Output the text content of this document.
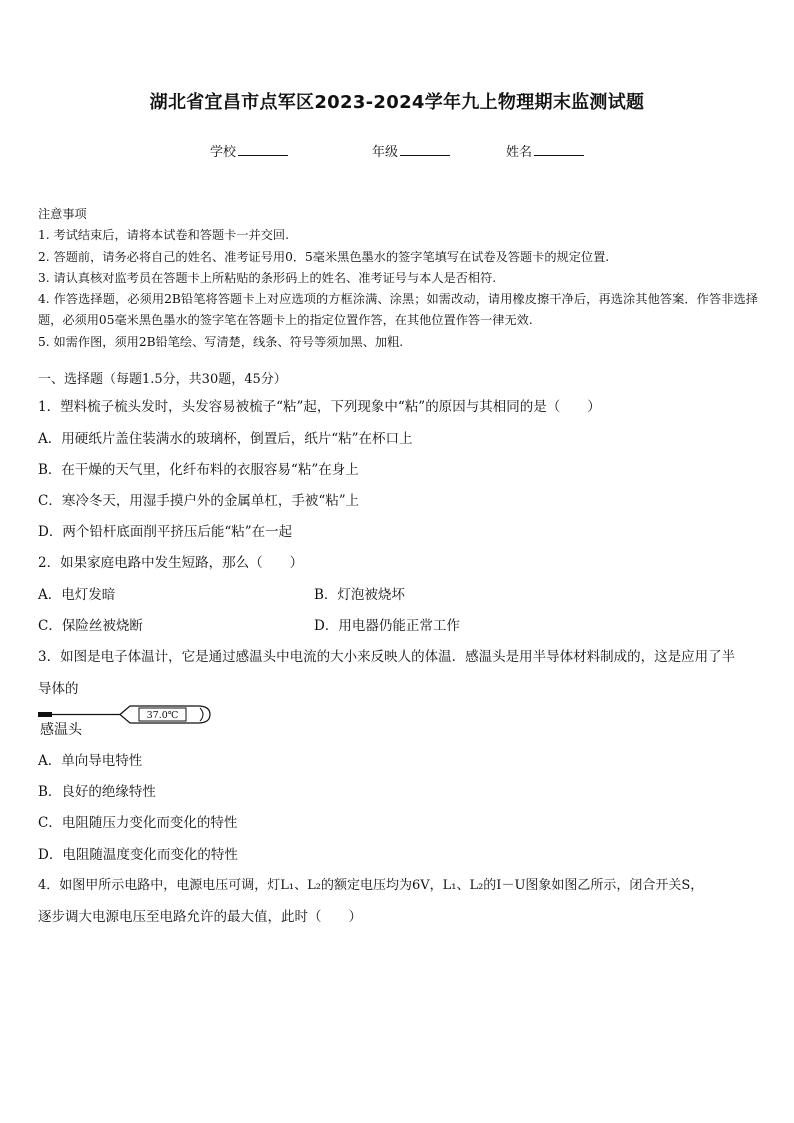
湖北省宜昌市点军区2023-2024学年九上物理期末监测试题
学校	年级	姓名
注意事项
1. 考试结束后，请将本试卷和答题卡一并交回.
2. 答题前，请务必将自己的姓名、准考证号用0．5毫米黑色墨水的签字笔填写在试卷及答题卡的规定位置.
3. 请认真核对监考员在答题卡上所粘贴的条形码上的姓名、准考证号与本人是否相符.
4. 作答选择题，必须用2B铅笔将答题卡上对应选项的方框涂满、涂黑；如需改动，请用橡皮擦干净后，再选涂其他答案．作答非选择题，必须用05毫米黑色墨水的签字笔在答题卡上的指定位置作答，在其他位置作答一律无效.
5. 如需作图，须用2B铅笔绘、写清楚，线条、符号等须加黑、加粗.
一、选择题（每题1.5分，共30题，45分）
1．塑料梳子梳头发时，头发容易被梳子“粘”起，下列现象中“粘”的原因与其相同的是（　　）
A．用硬纸片盖住装满水的玻璃杯，倒置后，纸片“粘”在杯口上
B．在干燥的天气里，化纤布料的衣服容易“粘”在身上
C．寒冷冬天，用湿手摸户外的金属单杠，手被“粘”上
D．两个铅杆底面削平挤压后能“粘”在一起
2．如果家庭电路中发生短路，那么（　　）
A．电灯发暗	B．灯泡被烧坏
C．保险丝被烧断	D．用电器仍能正常工作
3．如图是电子体温计，它是通过感温头中电流的大小来反映人的体温．感温头是用半导体材料制成的，这是应用了半
导体的
37.0℃
感温头
A．单向导电特性
B．良好的绝缘特性
C．电阻随压力变化而变化的特性
D．电阻随温度变化而变化的特性
4．如图甲所示电路中，电源电压可调，灯L₁、L₂的额定电压均为6V，L₁、L₂的I－U图象如图乙所示，闭合开关S，
逐步调大电源电压至电路允许的最大值，此时（　　）
